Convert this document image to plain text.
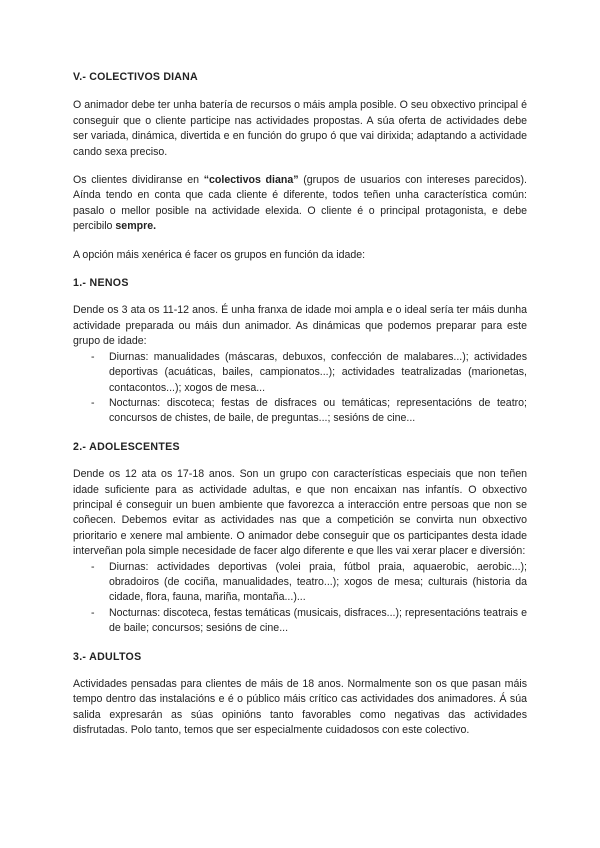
V.- COLECTIVOS DIANA

O animador debe ter unha batería de recursos o máis ampla posible. O seu obxectivo principal é conseguir que o cliente participe nas actividades propostas. A súa oferta de actividades debe ser variada, dinámica, divertida e en función do grupo ó que vai dirixida; adaptando a actividade cando sexa preciso.

Os clientes dividiranse en “colectivos diana” (grupos de usuarios con intereses parecidos). Aínda tendo en conta que cada cliente é diferente, todos teñen unha característica común: pasalo o mellor posible na actividade elexida. O cliente é o principal protagonista, e debe percibilo sempre.

A opción máis xenérica é facer os grupos en función da idade:

1.- NENOS

Dende os 3 ata os 11-12 anos. É unha franxa de idade moi ampla e o ideal sería ter máis dunha actividade preparada ou máis dun animador. As dinámicas que podemos preparar para este grupo de idade:

- Diurnas: manualidades (máscaras, debuxos, confección de malabares...); actividades deportivas (acuáticas, bailes, campionatos...); actividades teatralizadas (marionetas, contacontos...); xogos de mesa...
- Nocturnas: discoteca; festas de disfraces ou temáticas; representacións de teatro; concursos de chistes, de baile, de preguntas...; sesións de cine...
2.- ADOLESCENTES

Dende os 12 ata os 17-18 anos. Son un grupo con características especiais que non teñen idade suficiente para as actividade adultas, e que non encaixan nas infantís. O obxectivo principal é conseguir un buen ambiente que favorezca a interacción entre persoas que non se coñecen. Debemos evitar as actividades nas que a competición se convirta nun obxectivo prioritario e xenere mal ambiente. O animador debe conseguir que os participantes desta idade interveñan pola simple necesidade de facer algo diferente e que lles vai xerar placer e diversión:

- Diurnas: actividades deportivas (volei praia, fútbol praia, aquaerobic, aerobic...); obradoiros (de cociña, manualidades, teatro...); xogos de mesa; culturais (historia da cidade, flora, fauna, mariña, montaña...)...
- Nocturnas: discoteca, festas temáticas (musicais, disfraces...); representacións teatrais e de baile; concursos; sesións de cine...
3.- ADULTOS

Actividades pensadas para clientes de máis de 18 anos. Normalmente son os que pasan máis tempo dentro das instalacións e é o público máis crítico cas actividades dos animadores. Á súa salida expresarán as súas opinións tanto favorables como negativas das actividades disfrutadas. Polo tanto, temos que ser especialmente cuidadosos con este colectivo.
